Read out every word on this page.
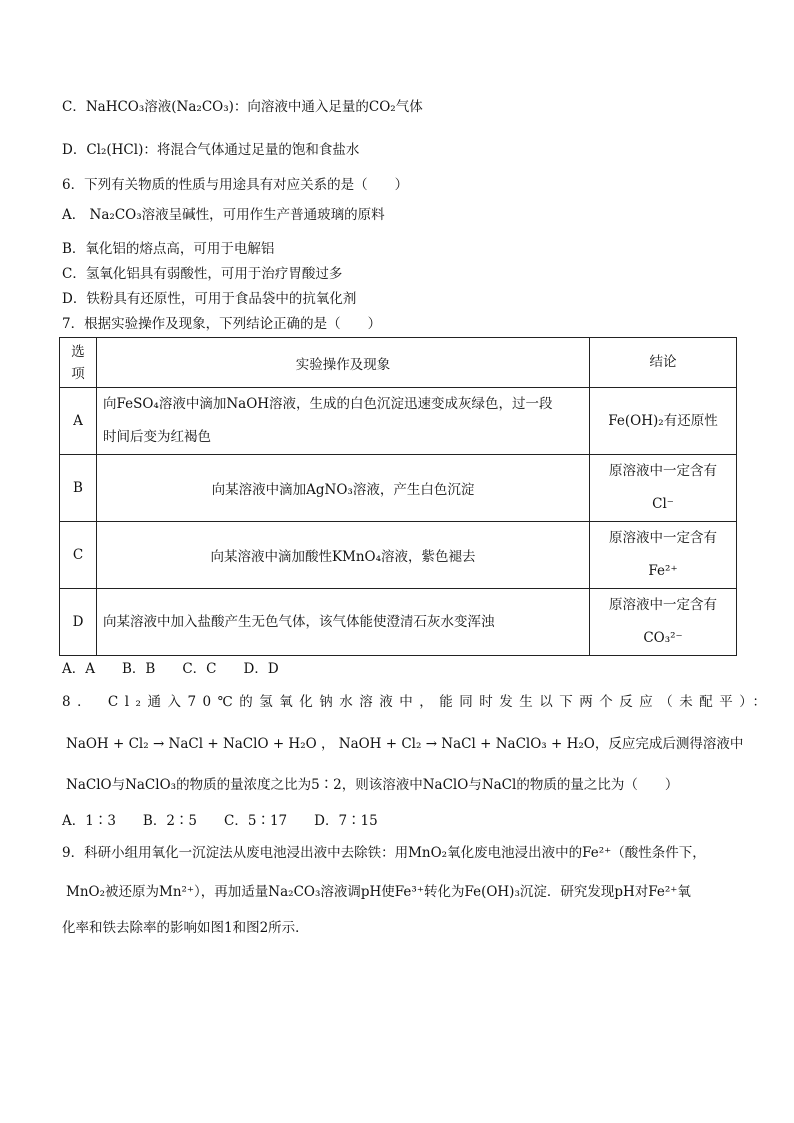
C．NaHCO₃溶液(Na₂CO₃)：向溶液中通入足量的CO₂气体
D．Cl₂(HCl)：将混合气体通过足量的饱和食盐水
6．下列有关物质的性质与用途具有对应关系的是（　　）
A． Na₂CO₃溶液呈碱性，可用作生产普通玻璃的原料
B．氧化铝的熔点高，可用于电解铝
C．氢氧化铝具有弱酸性，可用于治疗胃酸过多
D．铁粉具有还原性，可用于食品袋中的抗氧化剂
7．根据实验操作及现象，下列结论正确的是（　　）
选
项	实验操作及现象	结论
A	向FeSO₄溶液中滴加NaOH溶液，生成的白色沉淀迅速变成灰绿色，过一段
时间后变为红褐色	Fe(OH)₂有还原性
B	向某溶液中滴加AgNO₃溶液，产生白色沉淀	原溶液中一定含有
Cl⁻

C	向某溶液中滴加酸性KMnO₄溶液，紫色褪去	原溶液中一定含有
Fe²⁺

D	向某溶液中加入盐酸产生无色气体，该气体能使澄清石灰水变浑浊	原溶液中一定含有
CO₃²⁻
A．A　　B．B　　C．C　　D．D
8． Cl₂通入70℃的氢氧化钠水溶液中，能同时发生以下两个反应（未配平）：
NaOH + Cl₂ → NaCl + NaClO + H₂O ， NaOH + Cl₂ → NaCl + NaClO₃ + H₂O，反应完成后测得溶液中
NaClO与NaClO₃的物质的量浓度之比为5∶2，则该溶液中NaClO与NaCl的物质的量之比为（　　）
A．1∶3　　B．2∶5　　C．5∶17　　D．7∶15
9．科研小组用氧化一沉淀法从废电池浸出液中去除铁：用MnO₂氧化废电池浸出液中的Fe²⁺（酸性条件下，
MnO₂被还原为Mn²⁺），再加适量Na₂CO₃溶液调pH使Fe³⁺转化为Fe(OH)₃沉淀．研究发现pH对Fe²⁺氧
化率和铁去除率的影响如图1和图2所示．
